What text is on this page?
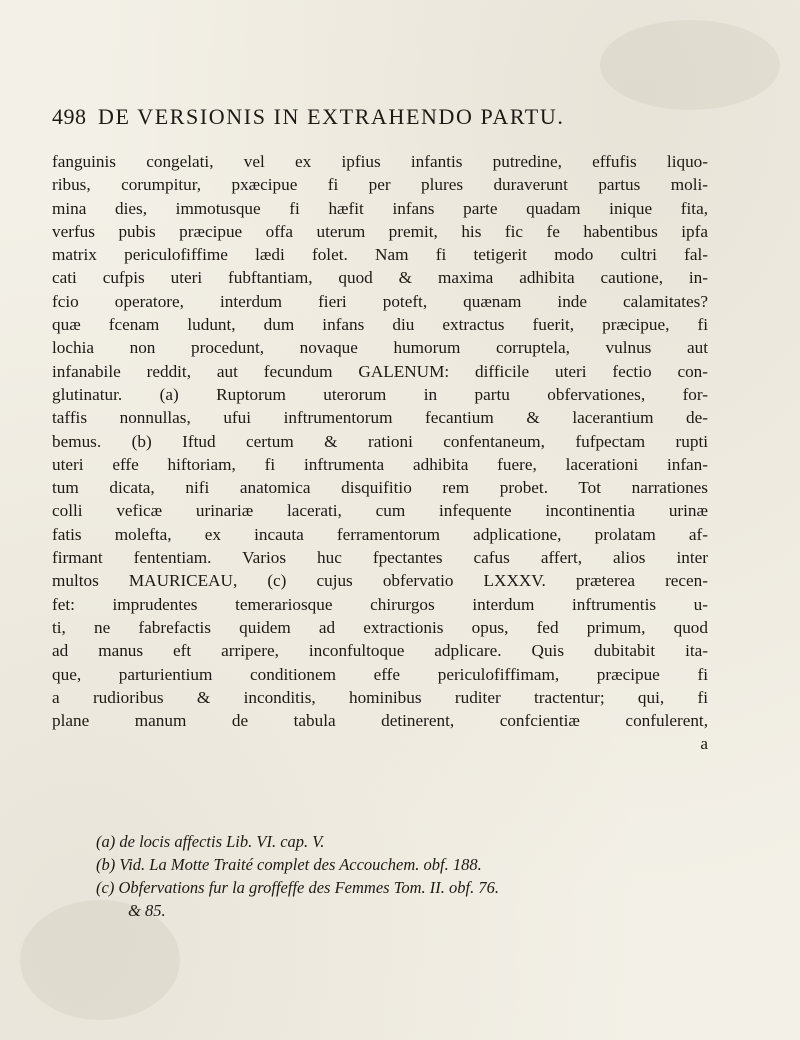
498 DE VERSIONIS IN EXTRAHENDO PARTU.
fanguinis congelati, vel ex ipfius infantis putredine, effufis liquo-
ribus, corumpitur, pxæcipue fi per plures duraverunt partus moli-
mina dies, immotusque fi hæfit infans parte quadam inique fita,
verfus pubis præcipue offa uterum premit, his fic fe habentibus ipfa
matrix periculofiffime lædi folet. Nam fi tetigerit modo cultri fal-
cati cufpis uteri fubftantiam, quod & maxima adhibita cautione, in-
fcio operatore, interdum fieri poteft, quænam inde calamitates?
quæ fcenam ludunt, dum infans diu extractus fuerit, præcipue, fi
lochia non procedunt, novaque humorum corruptela, vulnus aut
infanabile reddit, aut fecundum GALENUM: difficile uteri fectio con-
glutinatur. (a) Ruptorum uterorum in partu obfervationes, for-
taffis nonnullas, ufui inftrumentorum fecantium & lacerantium de-
bemus. (b) Iftud certum & rationi confentaneum, fufpectam rupti
uteri effe hiftoriam, fi inftrumenta adhibita fuere, lacerationi infan-
tum dicata, nifi anatomica disquifitio rem probet. Tot narrationes
colli veficæ urinariæ lacerati, cum infequente incontinentia urinæ
fatis molefta, ex incauta ferramentorum adplicatione, prolatam af-
firmant fententiam. Varios huc fpectantes cafus affert, alios inter
multos MAURICEAU, (c) cujus obfervatio LXXXV. præterea recen-
fet: imprudentes temerariosque chirurgos interdum inftrumentis u-
ti, ne fabrefactis quidem ad extractionis opus, fed primum, quod
ad manus eft arripere, inconfultoque adplicare. Quis dubitabit ita-
que, parturientium conditionem effe periculofiffimam, præcipue fi
a rudioribus & inconditis, hominibus ruditer tractentur; qui, fi
plane manum de tabula detinerent, confcientiæ confulerent,
a
(a) de locis affectis Lib. VI. cap. V.
(b) Vid. La Motte Traité complet des Accouchem. obf. 188.
(c) Obfervations fur la groffeffe des Femmes Tom. II. obf. 76.
& 85.
